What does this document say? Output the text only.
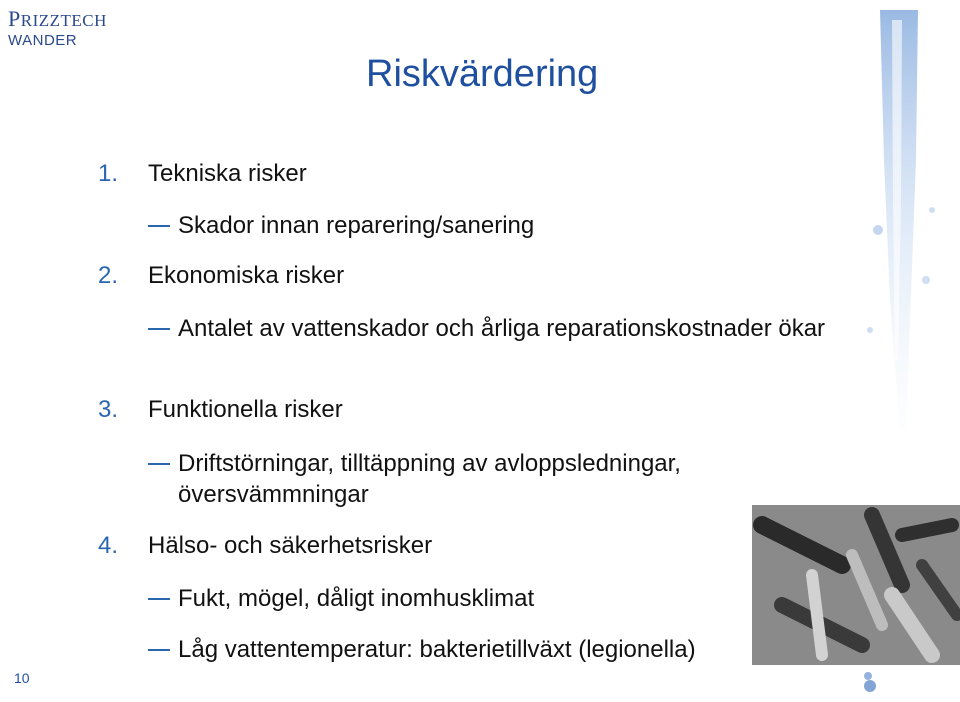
PRIZZTECH
WANDER
Riskvärdering
1. Tekniska risker
Skador innan reparering/sanering
2. Ekonomiska risker
Antalet av vattenskador och årliga reparationskostnader ökar
3. Funktionella risker
Driftstörningar, tilltäppning av avloppsledningar, översvämmningar
4. Hälso- och säkerhetsrisker
Fukt, mögel, dåligt inomhusklimat
Låg vattentemperatur: bakterietillväxt (legionella)
10
